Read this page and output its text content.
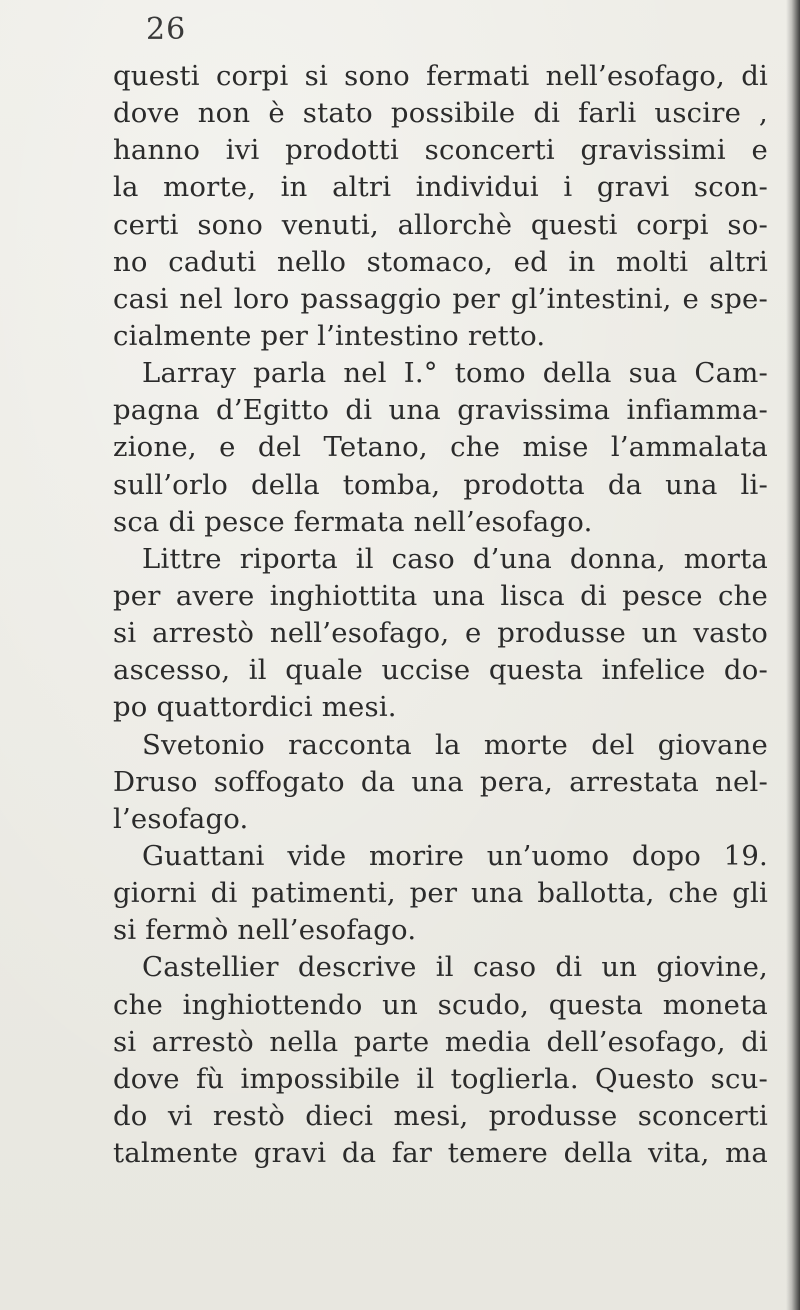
26
questi corpi si sono fermati nell’esofago, di
dove non è stato possibile di farli uscire ,
hanno ivi prodotti sconcerti gravissimi e
la morte, in altri individui i gravi scon-
certi sono venuti, allorchè questi corpi so-
no caduti nello stomaco, ed in molti altri
casi nel loro passaggio per gl’intestini, e spe-
cialmente per l’intestino retto.
Larray parla nel I.° tomo della sua Cam-
pagna d’Egitto di una gravissima infiamma-
zione, e del Tetano, che mise l’ammalata
sull’orlo della tomba, prodotta da una li-
sca di pesce fermata nell’esofago.
Littre riporta il caso d’una donna, morta
per avere inghiottita una lisca di pesce che
si arrestò nell’esofago, e produsse un vasto
ascesso, il quale uccise questa infelice do-
po quattordici mesi.
Svetonio racconta la morte del giovane
Druso soffogato da una pera, arrestata nel-
l’esofago.
Guattani vide morire un’uomo dopo 19.
giorni di patimenti, per una ballotta, che gli
si fermò nell’esofago.
Castellier descrive il caso di un giovine,
che inghiottendo un scudo, questa moneta
si arrestò nella parte media dell’esofago, di
dove fù impossibile il toglierla. Questo scu-
do vi restò dieci mesi, produsse sconcerti
talmente gravi da far temere della vita, ma
